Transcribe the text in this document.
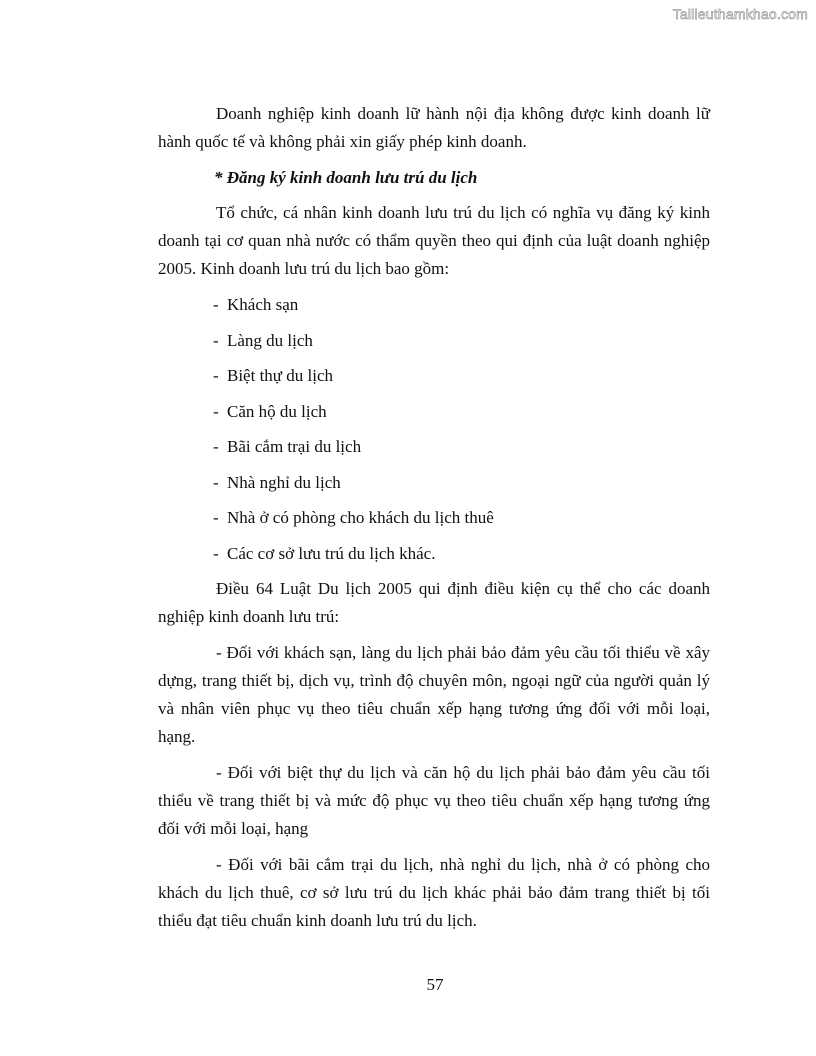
Tailieuthamkhao.com

Doanh nghiệp kinh doanh lữ hành nội địa không được kinh doanh lữ hành quốc tế và không phải xin giấy phép kinh doanh.

* Đăng ký kinh doanh lưu trú du lịch

Tổ chức, cá nhân kinh doanh lưu trú du lịch có nghĩa vụ đăng ký kinh doanh tại cơ quan nhà nước có thẩm quyền theo qui định của luật doanh nghiệp 2005. Kinh doanh lưu trú du lịch bao gồm:

- Khách sạn
- Làng du lịch
- Biệt thự du lịch
- Căn hộ du lịch
- Bãi cắm trại du lịch
- Nhà nghỉ du lịch
- Nhà ở có phòng cho khách du lịch thuê
- Các cơ sở lưu trú du lịch khác.

Điều 64 Luật Du lịch 2005 qui định điều kiện cụ thể cho các doanh nghiệp kinh doanh lưu trú:

- Đối với khách sạn, làng du lịch phải bảo đảm yêu cầu tối thiểu về xây dựng, trang thiết bị, dịch vụ, trình độ chuyên môn, ngoại ngữ của người quản lý và nhân viên phục vụ theo tiêu chuẩn xếp hạng tương ứng đối với mỗi loại, hạng.

- Đối với biệt thự du lịch và căn hộ du lịch phải bảo đảm yêu cầu tối thiểu về trang thiết bị và mức độ phục vụ theo tiêu chuẩn xếp hạng tương ứng đối với mỗi loại, hạng

- Đối với bãi cắm trại du lịch, nhà nghỉ du lịch, nhà ở có phòng cho khách du lịch thuê, cơ sở lưu trú du lịch khác phải bảo đảm trang thiết bị tối thiểu đạt tiêu chuẩn kinh doanh lưu trú du lịch.

57
